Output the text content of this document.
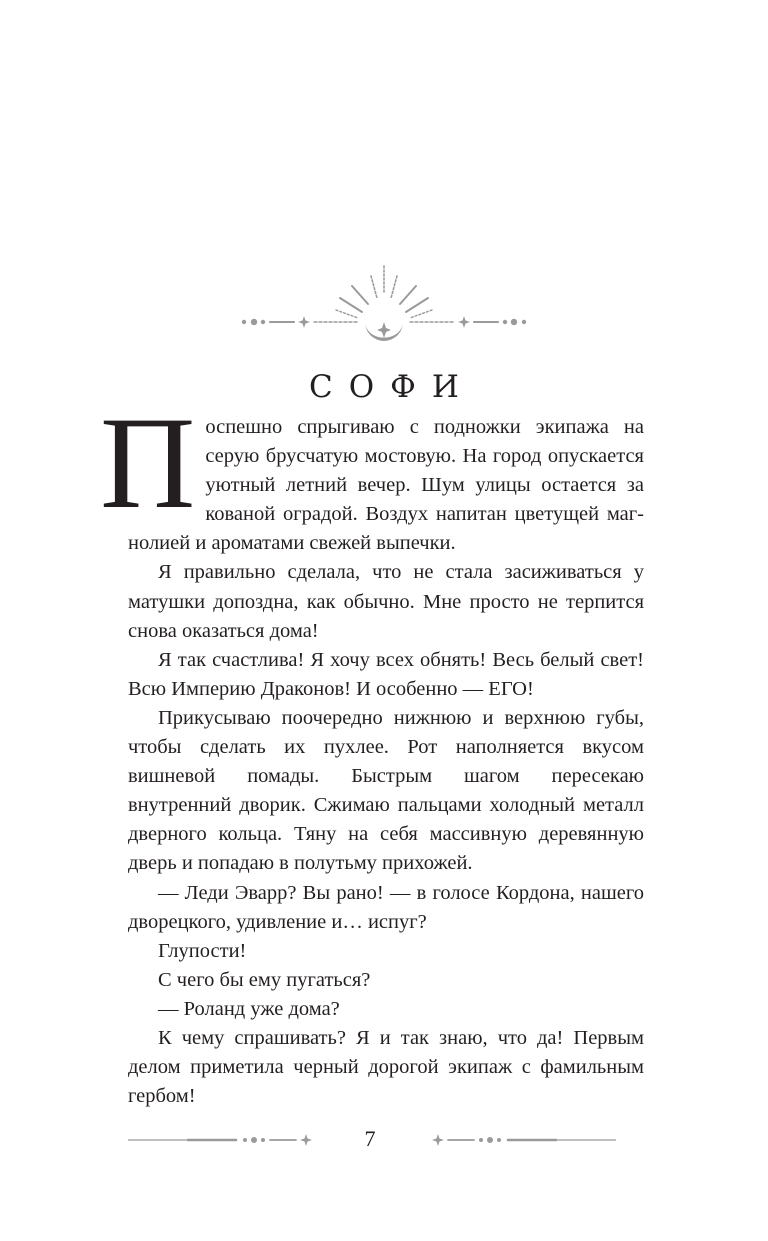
СОФИ

Поспешно спрыгиваю с подножки экипажа на серую брусчатую мостовую. На город опускается уютный летний вечер. Шум улицы остается за кованой оградой. Воздух напитан цветущей магнолией и ароматами свежей выпечки.

Я правильно сделала, что не стала засиживаться у матушки допоздна, как обычно. Мне просто не терпится снова оказаться дома!

Я так счастлива! Я хочу всех обнять! Весь белый свет! Всю Империю Драконов! И особенно — ЕГО!

Прикусываю поочередно нижнюю и верхнюю губы, чтобы сделать их пухлее. Рот наполняется вкусом вишневой помады. Быстрым шагом пересекаю внутренний дворик. Сжимаю пальцами холодный металл дверного кольца. Тяну на себя массивную деревянную дверь и попадаю в полутьму прихожей.

— Леди Эварр? Вы рано! — в голосе Кордона, нашего дворецкого, удивление и… испуг?

Глупости!

С чего бы ему пугаться?

— Роланд уже дома?

К чему спрашивать? Я и так знаю, что да! Первым делом приметила черный дорогой экипаж с фамильным гербом!

7
